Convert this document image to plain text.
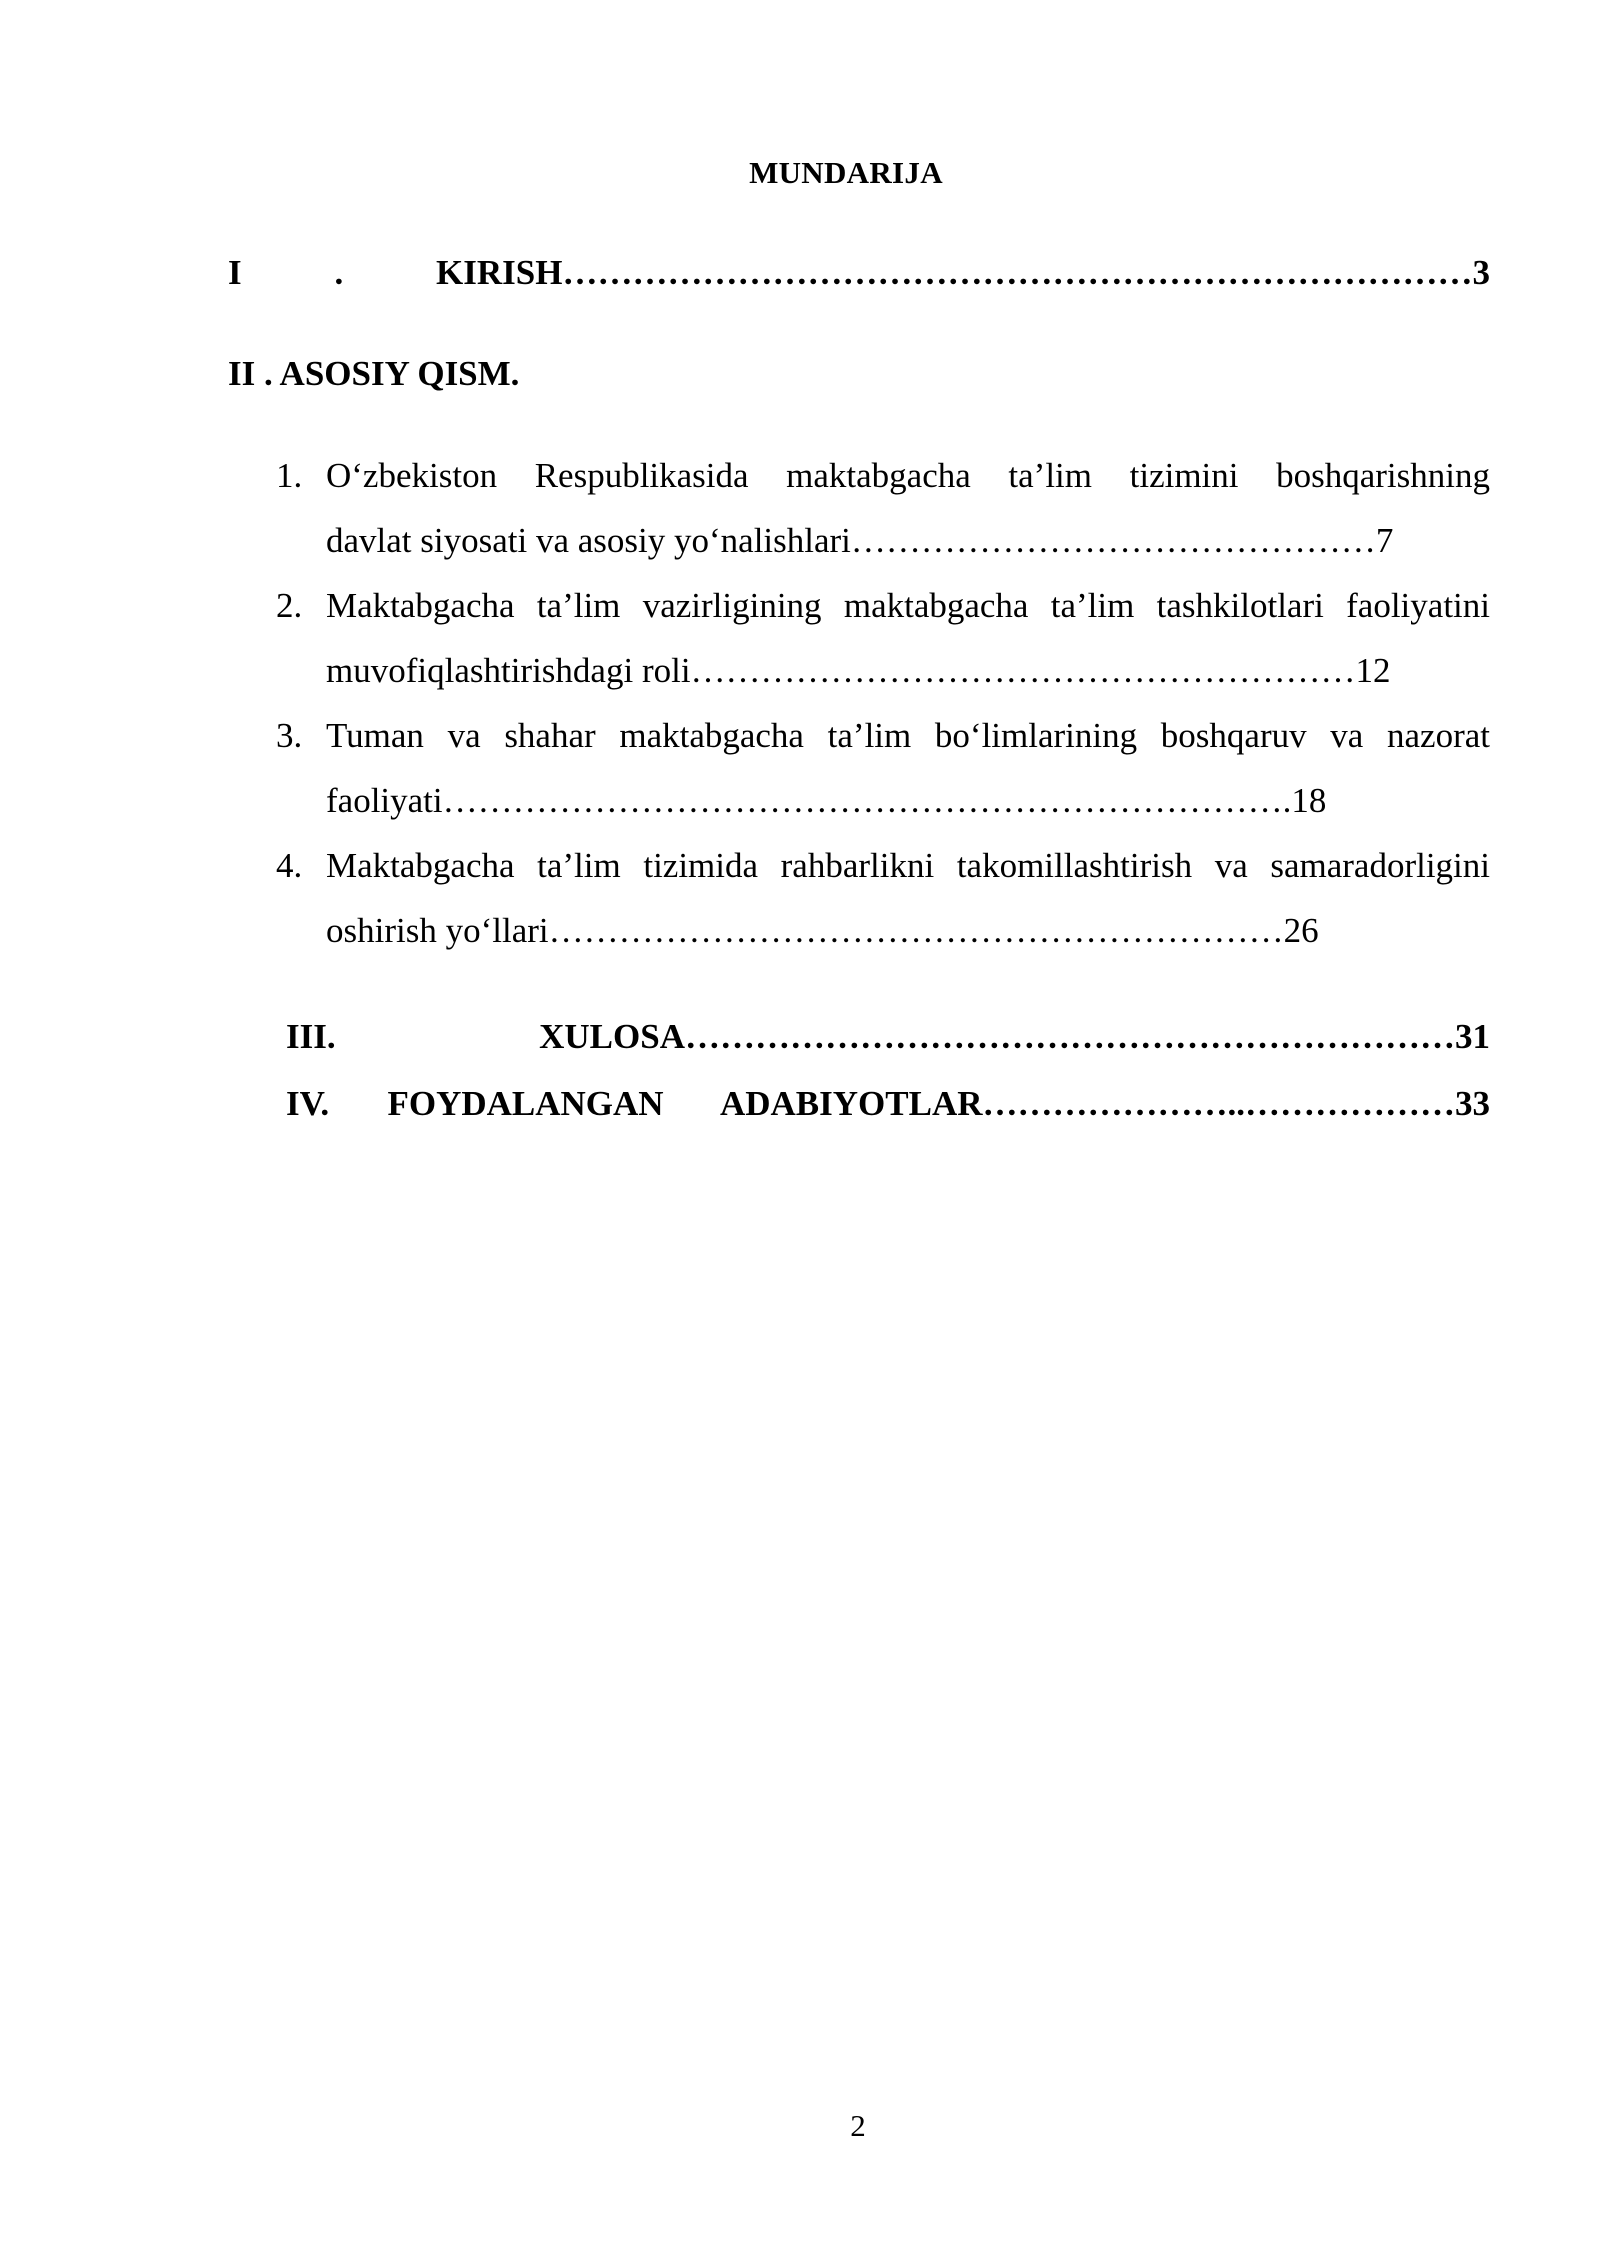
MUNDARIJA
I . KIRISH……………………………………………………………………3
II . ASOSIY QISM.
1. O‘zbekiston Respublikasida maktabgacha ta’lim tizimini boshqarishning
davlat siyosati va asosiy yo‘nalishlari………………………………………7
2. Maktabgacha ta’lim vazirligining maktabgacha ta’lim tashkilotlari faoliyatini
muvofiqlashtirishdagi roli…………………………………………………12
3. Tuman va shahar maktabgacha ta’lim bo‘limlarining boshqaruv va nazorat
faoliyati……………………………………………………………….18
4. Maktabgacha ta’lim tizimida rahbarlikni takomillashtirish va samaradorligini
oshirish yo‘llari………………………………………………………26
III. XULOSA…………………………………………………………31
IV. FOYDALANGAN ADABIYOTLAR…………………..………………33
2
